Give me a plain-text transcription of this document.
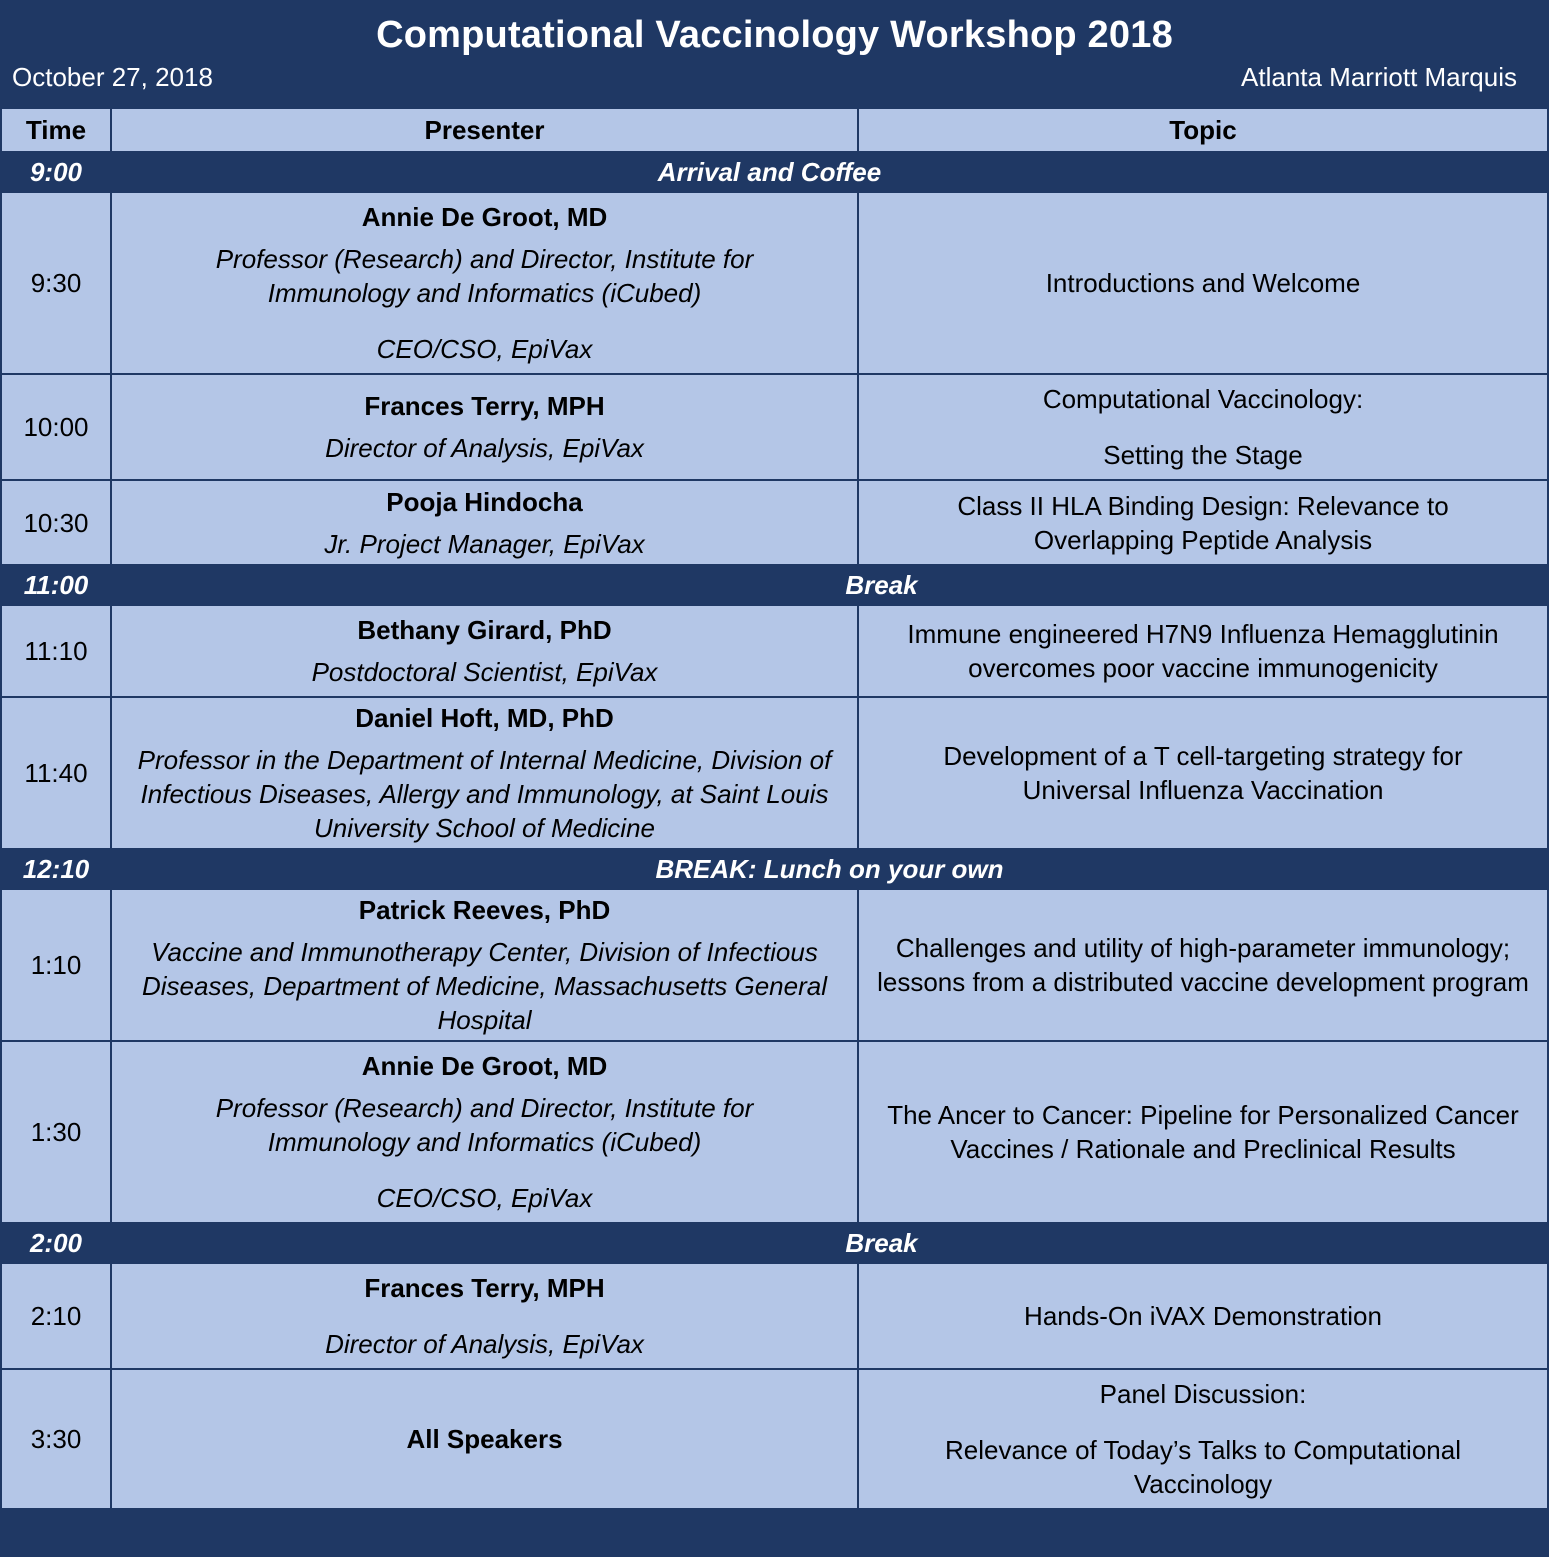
Computational Vaccinology Workshop 2018
October 27, 2018	Atlanta Marriott Marquis
Time	Presenter	Topic
9:00	Arrival and Coffee	
9:30	Annie De Groot, MD
Professor (Research) and Director, Institute for Immunology and Informatics (iCubed)
CEO/CSO, EpiVax	Introductions and Welcome

10:00	Frances Terry, MPH
Director of Analysis, EpiVax	Computational Vaccinology:
Setting the Stage

10:30	Pooja Hindocha
Jr. Project Manager, EpiVax	Class II HLA Binding Design: Relevance to Overlapping Peptide Analysis

11:00	Break	
11:10	Bethany Girard, PhD
Postdoctoral Scientist, EpiVax	Immune engineered H7N9 Influenza Hemagglutinin overcomes poor vaccine immunogenicity

11:40	Daniel Hoft, MD, PhD
Professor in the Department of Internal Medicine, Division of Infectious Diseases, Allergy and Immunology, at Saint Louis University School of Medicine	Development of a T cell-targeting strategy for Universal Influenza Vaccination

12:10	BREAK: Lunch on your own	
1:10	Patrick Reeves, PhD
Vaccine and Immunotherapy Center, Division of Infectious Diseases, Department of Medicine, Massachusetts General Hospital	Challenges and utility of high-parameter immunology; lessons from a distributed vaccine development program

1:30	Annie De Groot, MD
Professor (Research) and Director, Institute for Immunology and Informatics (iCubed)
CEO/CSO, EpiVax	The Ancer to Cancer: Pipeline for Personalized Cancer Vaccines / Rationale and Preclinical Results

2:00	Break	
2:10	Frances Terry, MPH
Director of Analysis, EpiVax	Hands-On iVAX Demonstration

3:30	All Speakers	Panel Discussion:
Relevance of Today’s Talks to Computational Vaccinology
